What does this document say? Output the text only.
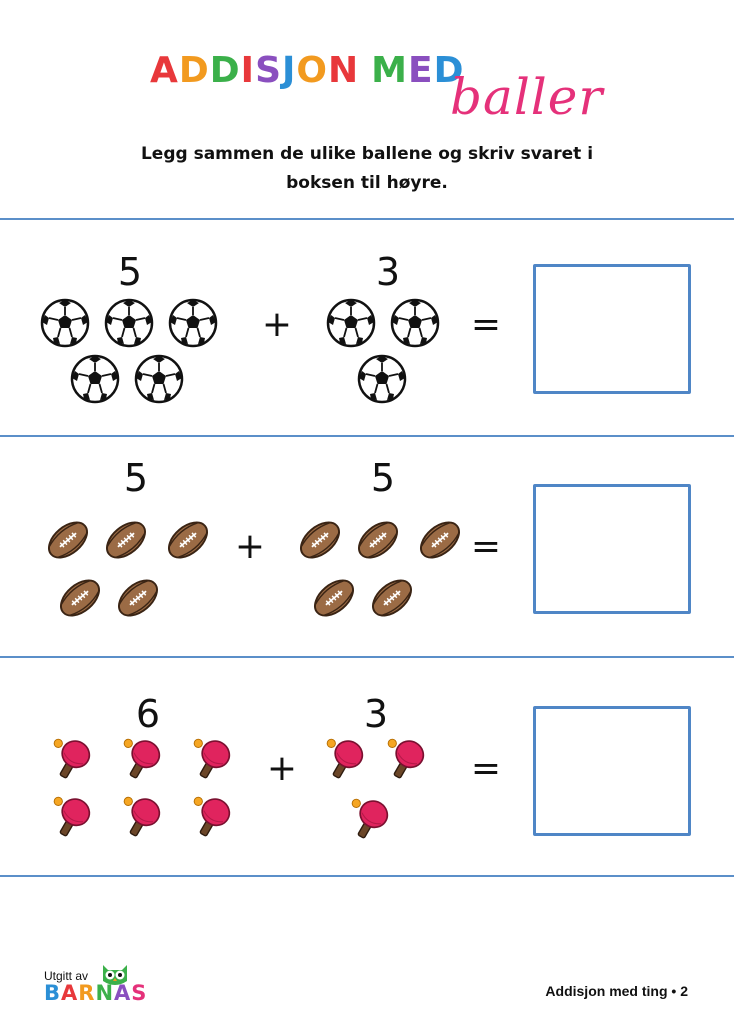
ADDISJON MED
baller
Legg sammen de ulike ballene og skriv svaret i
boksen til høyre.
5	3
+	=
5	5
+	=
6	3
+	=
Utgitt av
BARNAS	Addisjon med ting • 2
